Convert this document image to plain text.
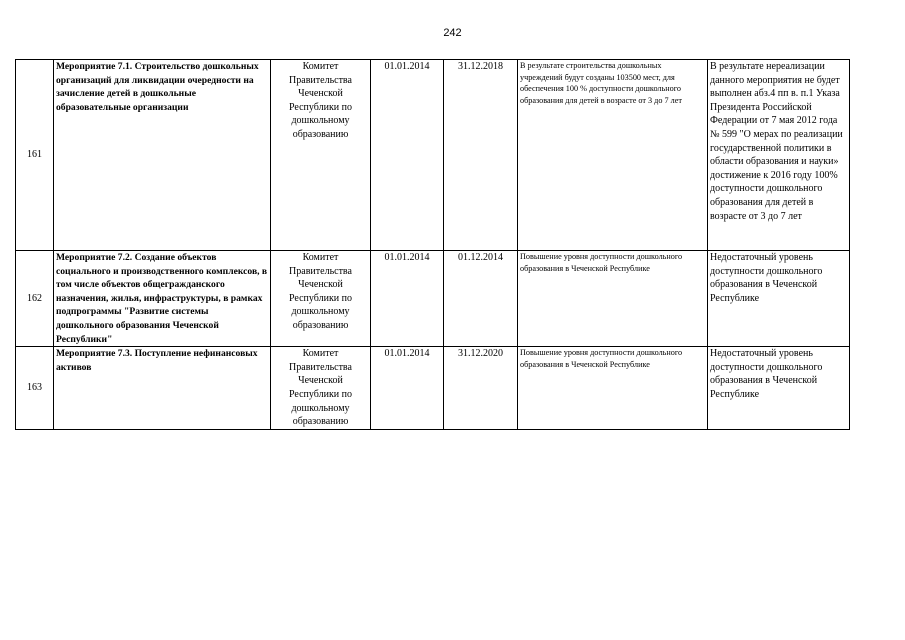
242
161	Мероприятие 7.1. Строительство дошкольных организаций для ликвидации очередности на зачисление детей в дошкольные образовательные организации	Комитет Правительства Чеченской Республики по дошкольному образованию	01.01.2014	31.12.2018	В результате строительства дошкольных учреждений будут созданы 103500 мест, для обеспечения 100 % доступности дошкольного образования для детей в возрасте от 3 до 7 лет	В результате нереализации данного мероприятия не будет выполнен абз.4 пп в. п.1 Указа Президента Российской Федерации от 7 мая 2012 года № 599 "О мерах по реализации государственной политики в области образования и науки» достижение к 2016 году 100% доступности дошкольного образования для детей в возрасте от 3 до 7 лет
162	Мероприятие 7.2. Создание объектов социального и производственного комплексов, в том числе объектов общегражданского назначения, жилья, инфраструктуры, в рамках подпрограммы "Развитие системы дошкольного образования Чеченской Республики"	Комитет Правительства Чеченской Республики по дошкольному образованию	01.01.2014	01.12.2014	Повышение уровня доступности дошкольного образования в Чеченской Республике	Недостаточный уровень доступности дошкольного образования в Чеченской Республике
163	Мероприятие 7.3. Поступление нефинансовых активов	Комитет Правительства Чеченской Республики по дошкольному образованию	01.01.2014	31.12.2020	Повышение уровня доступности дошкольного образования в Чеченской Республике	Недостаточный уровень доступности дошкольного образования в Чеченской Республике
